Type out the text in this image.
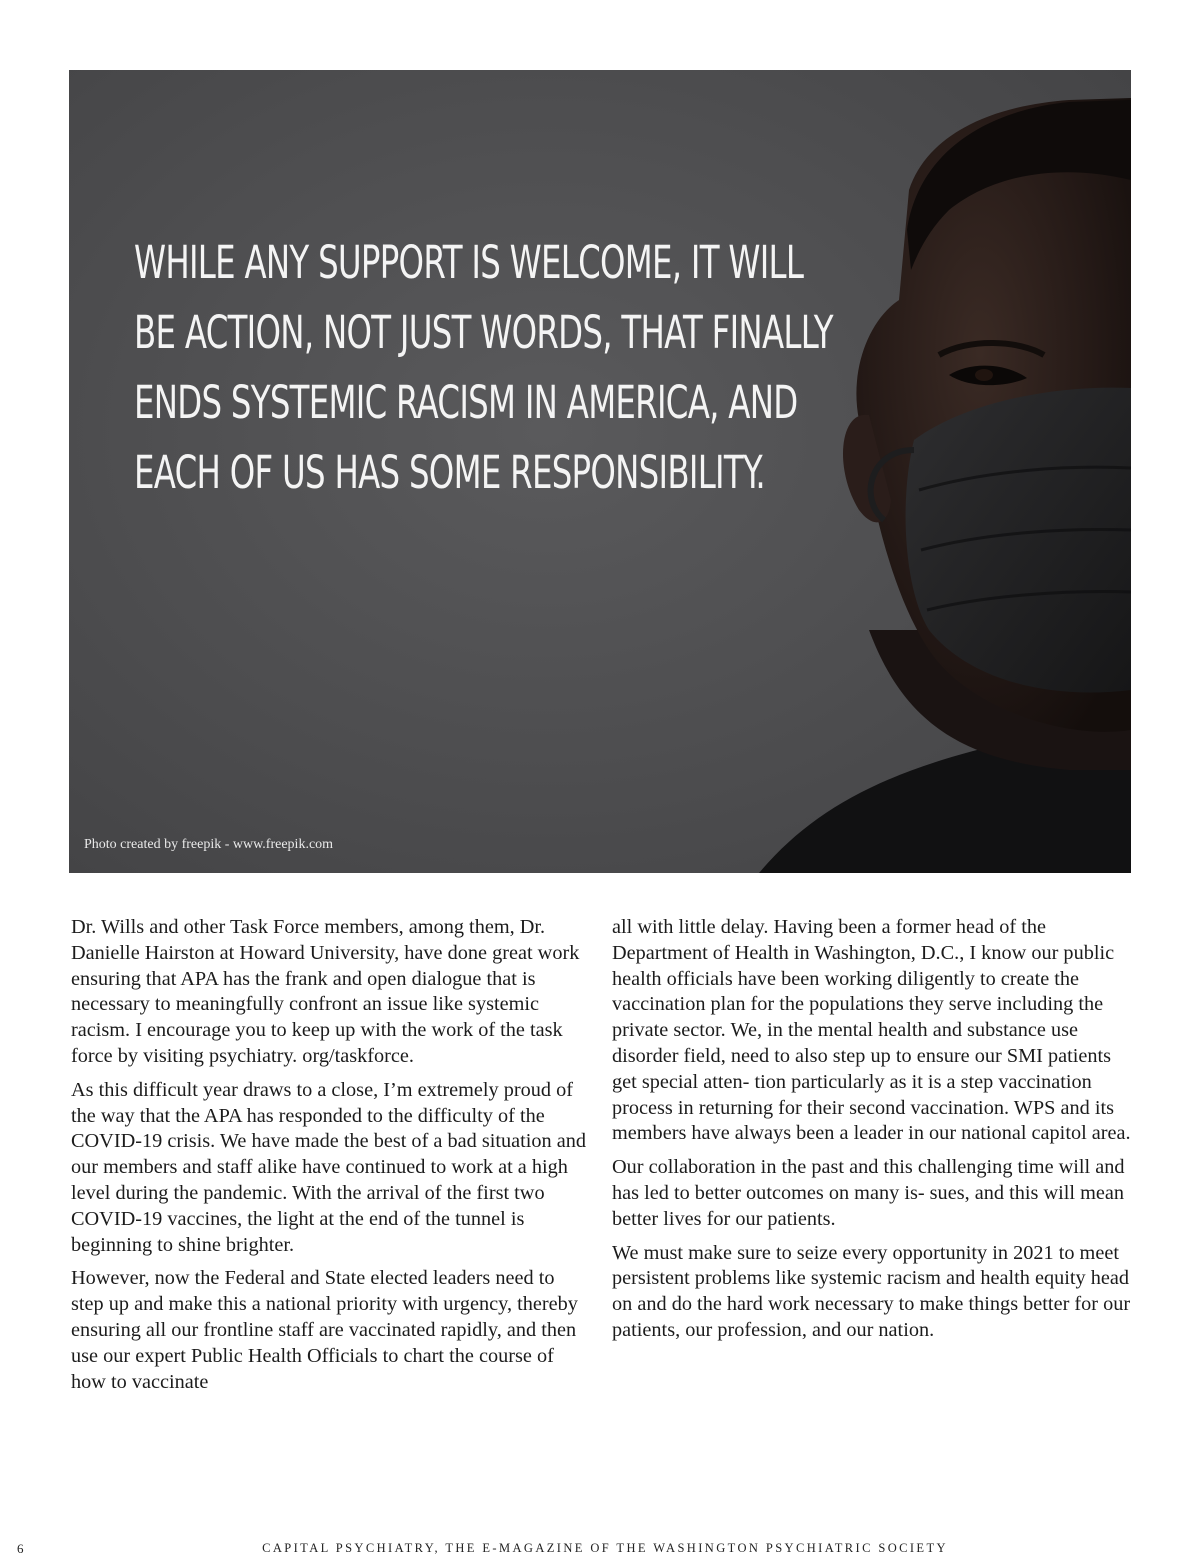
WHILE ANY SUPPORT IS WELCOME, IT WILL BE ACTION, NOT JUST WORDS, THAT FINALLY ENDS SYSTEMIC RACISM IN AMERICA, AND EACH OF US HAS SOME RESPONSIBILITY.
Photo created by freepik - www.freepik.com

Dr. Wills and other Task Force members, among them, Dr. Danielle Hairston at Howard University, have done great work ensuring that APA has the frank and open dialogue that is necessary to meaningfully confront an issue like systemic racism. I encourage you to keep up with the work of the task force by visiting psychiatry. org/taskforce.

As this difficult year draws to a close, I’m extremely proud of the way that the APA has responded to the difficulty of the COVID-19 crisis. We have made the best of a bad situation and our members and staff alike have continued to work at a high level during the pandemic. With the arrival of the first two COVID-19 vaccines, the light at the end of the tunnel is beginning to shine brighter.

However, now the Federal and State elected leaders need to step up and make this a national priority with urgency, thereby ensuring all our frontline staff are vaccinated rapidly, and then use our expert Public Health Officials to chart the course of how to vaccinate

all with little delay. Having been a former head of the Department of Health in Washington, D.C., I know our public health officials have been working diligently to create the vaccination plan for the populations they serve including the private sector. We, in the mental health and substance use disorder field, need to also step up to ensure our SMI patients get special atten- tion particularly as it is a step vaccination process in returning for their second vaccination. WPS and its members have always been a leader in our national capitol area.

Our collaboration in the past and this challenging time will and has led to better outcomes on many is- sues, and this will mean better lives for our patients.

We must make sure to seize every opportunity in 2021 to meet persistent problems like systemic racism and health equity head on and do the hard work necessary to make things better for our patients, our profession, and our nation.

6	CAPITAL PSYCHIATRY, THE E-MAGAZINE OF THE WASHINGTON PSYCHIATRIC SOCIETY
